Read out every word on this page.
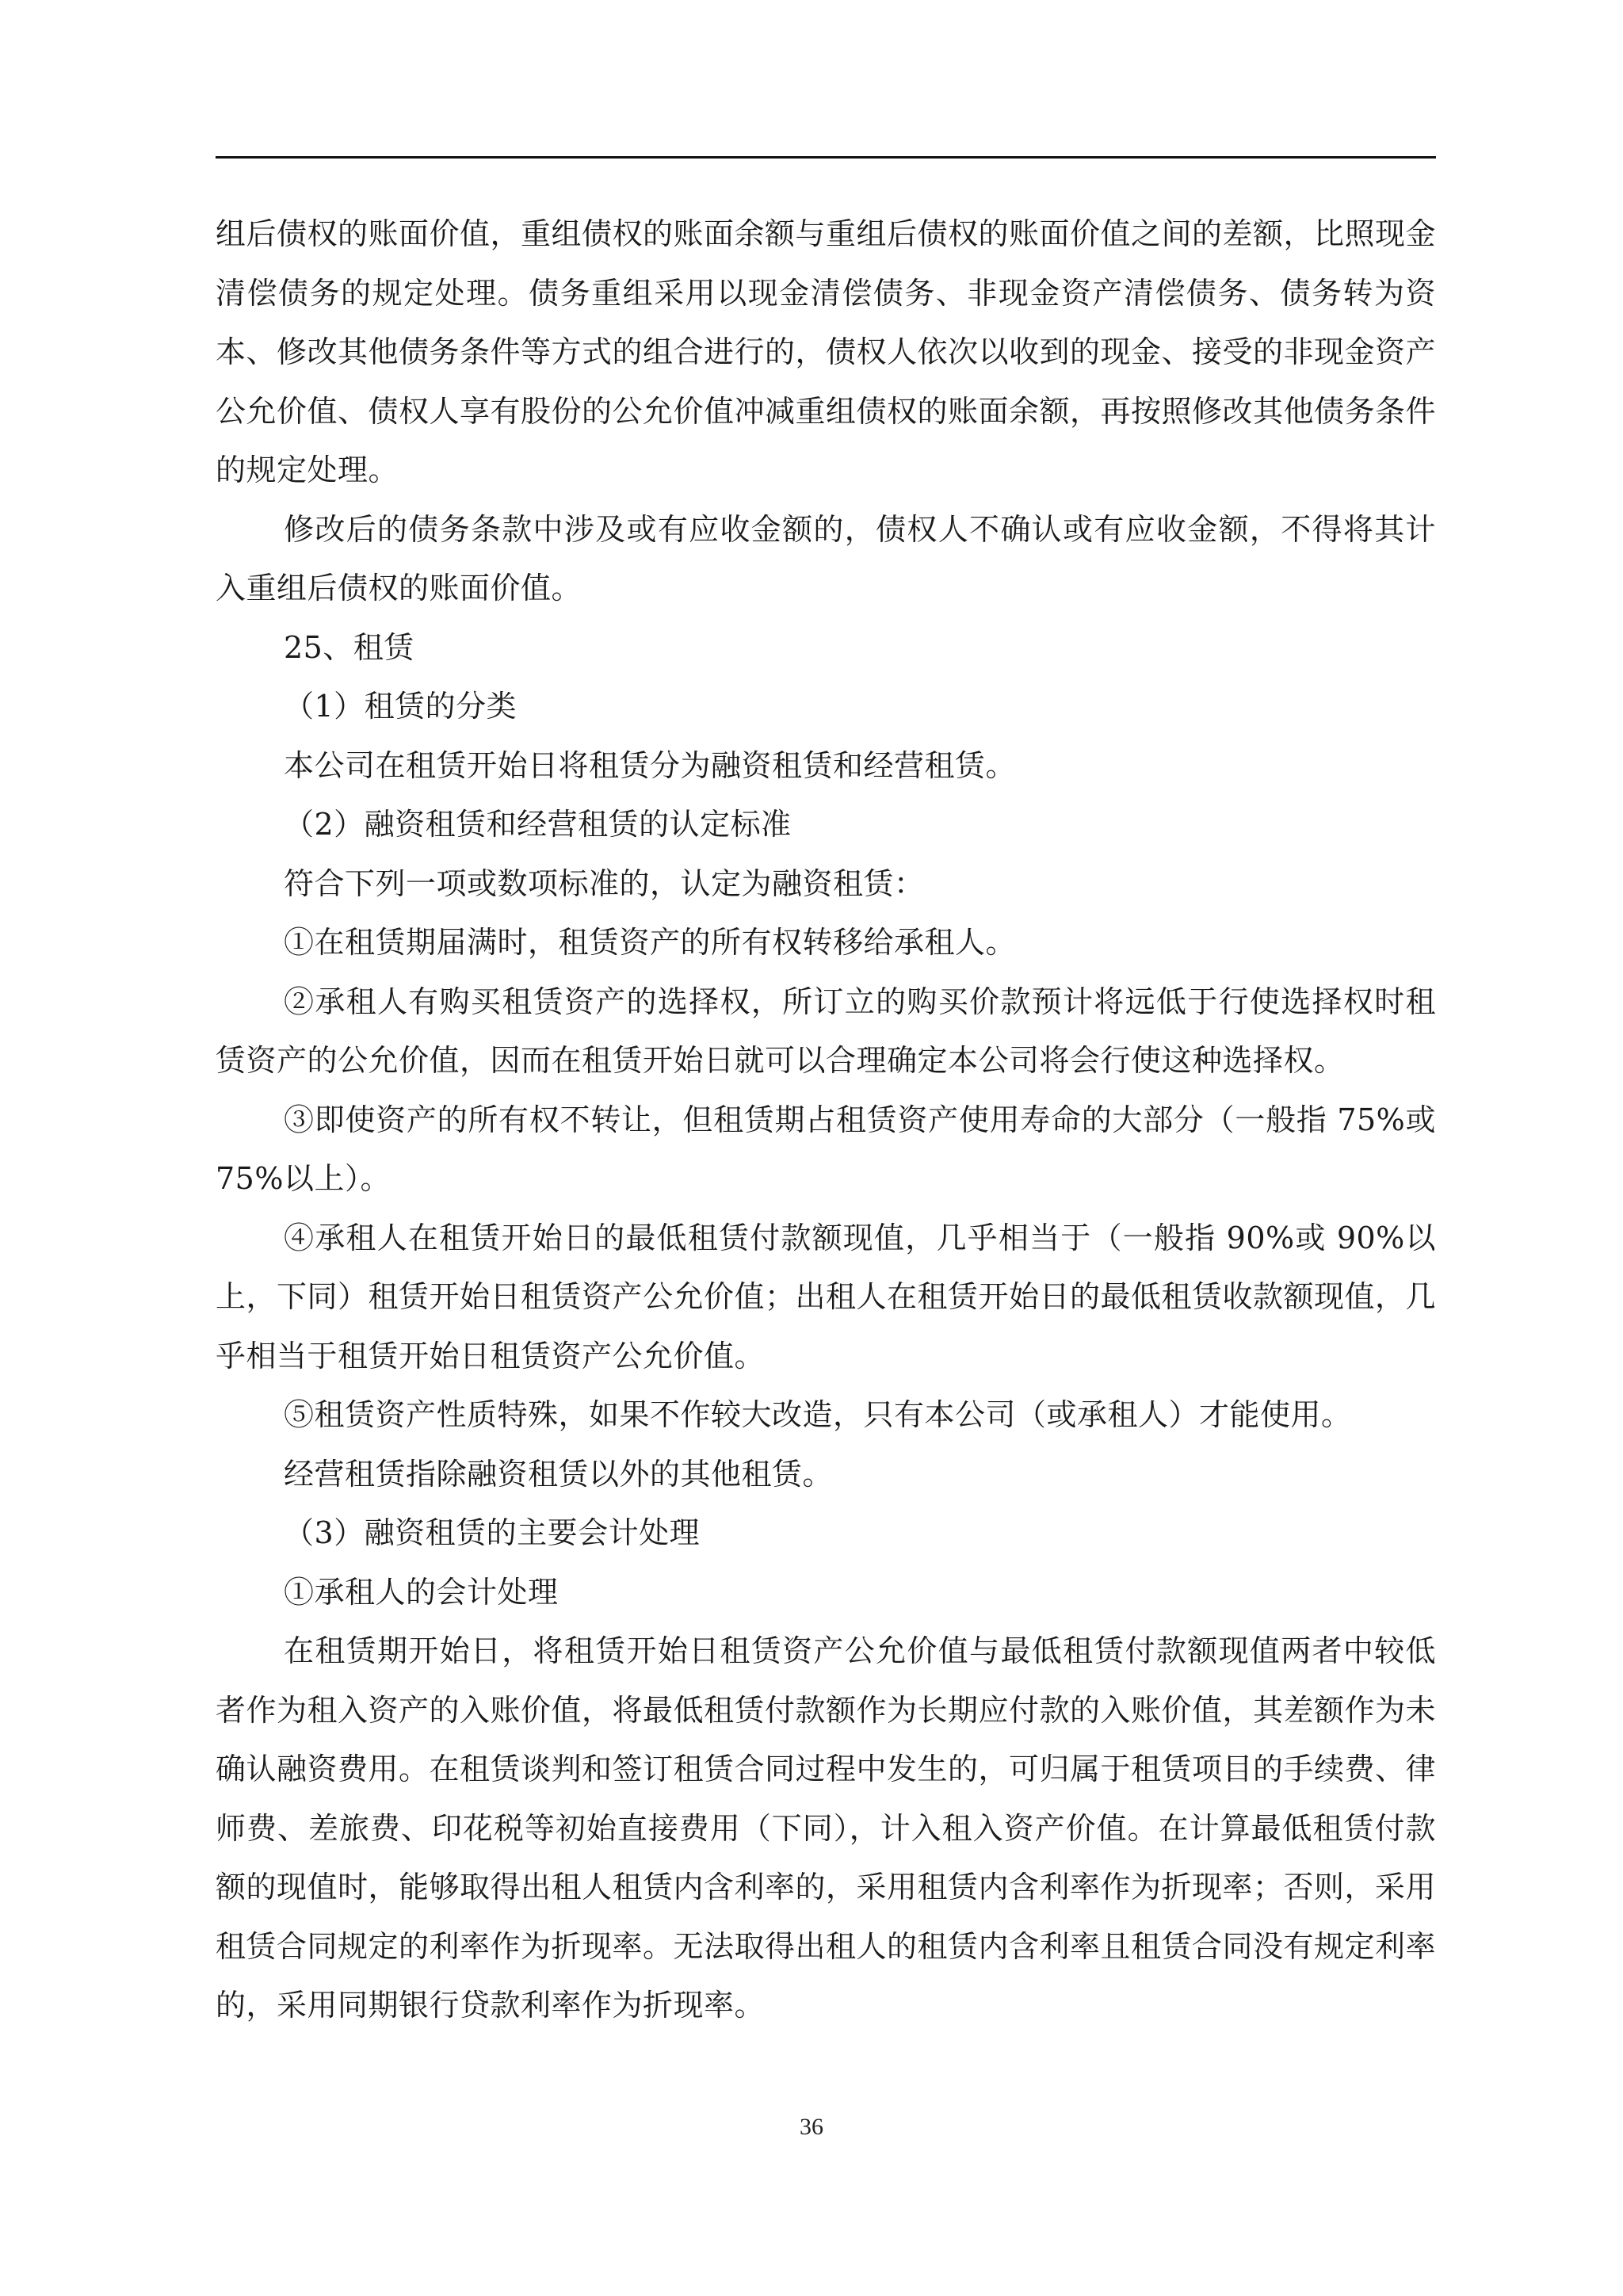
组后债权的账面价值，重组债权的账面余额与重组后债权的账面价值之间的差额，比照现金清偿债务的规定处理。债务重组采用以现金清偿债务、非现金资产清偿债务、债务转为资本、修改其他债务条件等方式的组合进行的，债权人依次以收到的现金、接受的非现金资产公允价值、债权人享有股份的公允价值冲减重组债权的账面余额，再按照修改其他债务条件的规定处理。

修改后的债务条款中涉及或有应收金额的，债权人不确认或有应收金额，不得将其计入重组后债权的账面价值。

25、租赁

（1）租赁的分类

本公司在租赁开始日将租赁分为融资租赁和经营租赁。

（2）融资租赁和经营租赁的认定标准

符合下列一项或数项标准的，认定为融资租赁：

①在租赁期届满时，租赁资产的所有权转移给承租人。

②承租人有购买租赁资产的选择权，所订立的购买价款预计将远低于行使选择权时租赁资产的公允价值，因而在租赁开始日就可以合理确定本公司将会行使这种选择权。

③即使资产的所有权不转让，但租赁期占租赁资产使用寿命的大部分（一般指 75%或 75%以上）。

④承租人在租赁开始日的最低租赁付款额现值，几乎相当于（一般指 90%或 90%以上，下同）租赁开始日租赁资产公允价值；出租人在租赁开始日的最低租赁收款额现值，几乎相当于租赁开始日租赁资产公允价值。

⑤租赁资产性质特殊，如果不作较大改造，只有本公司（或承租人）才能使用。

经营租赁指除融资租赁以外的其他租赁。

（3）融资租赁的主要会计处理

①承租人的会计处理

在租赁期开始日，将租赁开始日租赁资产公允价值与最低租赁付款额现值两者中较低者作为租入资产的入账价值，将最低租赁付款额作为长期应付款的入账价值，其差额作为未确认融资费用。在租赁谈判和签订租赁合同过程中发生的，可归属于租赁项目的手续费、律师费、差旅费、印花税等初始直接费用（下同），计入租入资产价值。在计算最低租赁付款额的现值时，能够取得出租人租赁内含利率的，采用租赁内含利率作为折现率；否则，采用租赁合同规定的利率作为折现率。无法取得出租人的租赁内含利率且租赁合同没有规定利率的，采用同期银行贷款利率作为折现率。

36
